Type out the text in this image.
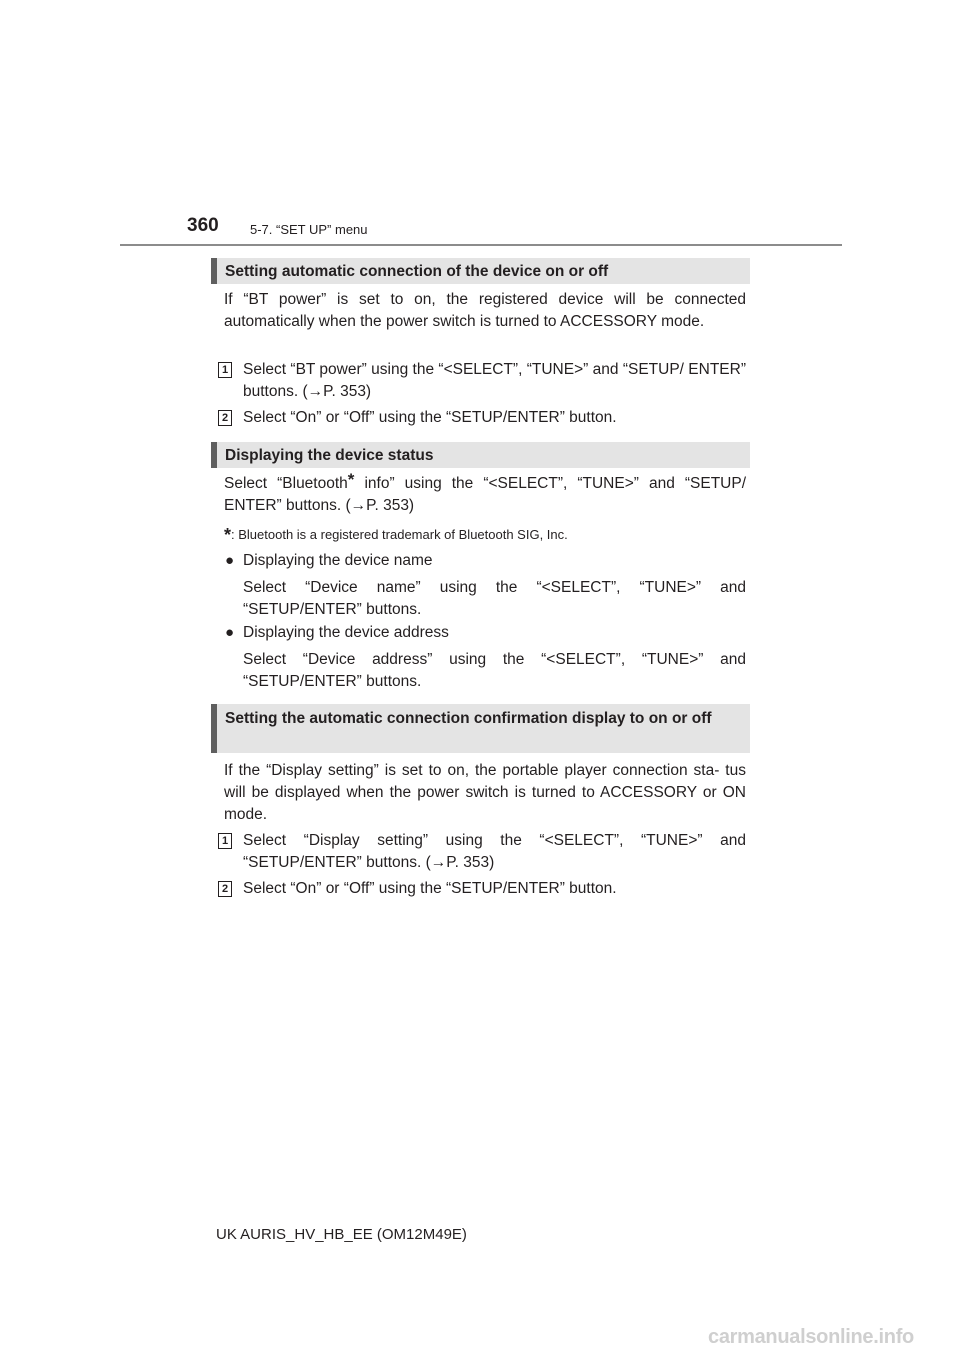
360 5-7. “SET UP” menu
Setting automatic connection of the device on or off

If “BT power” is set to on, the registered device will be connected automatically when the power switch is turned to ACCESSORY mode.

1 Select “BT power” using the “<SELECT”, “TUNE>” and “SETUP/ ENTER” buttons. (→P. 353)

2 Select “On” or “Off” using the “SETUP/ENTER” button.

Displaying the device status

Select “Bluetooth* info” using the “<SELECT”, “TUNE>” and “SETUP/ ENTER” buttons. (→P. 353)

*: Bluetooth is a registered trademark of Bluetooth SIG, Inc.
● Displaying the device name

Select “Device name” using the “<SELECT”, “TUNE>” and “SETUP/ENTER” buttons.

● Displaying the device address

Select “Device address” using the “<SELECT”, “TUNE>” and “SETUP/ENTER” buttons.

Setting the automatic connection confirmation display to on or off

If the “Display setting” is set to on, the portable player connection sta- tus will be displayed when the power switch is turned to ACCESSORY or ON mode.

1 Select “Display setting” using the “<SELECT”, “TUNE>” and “SETUP/ENTER” buttons. (→P. 353)

2 Select “On” or “Off” using the “SETUP/ENTER” button.

UK AURIS_HV_HB_EE (OM12M49E)
carmanualsonline.info
